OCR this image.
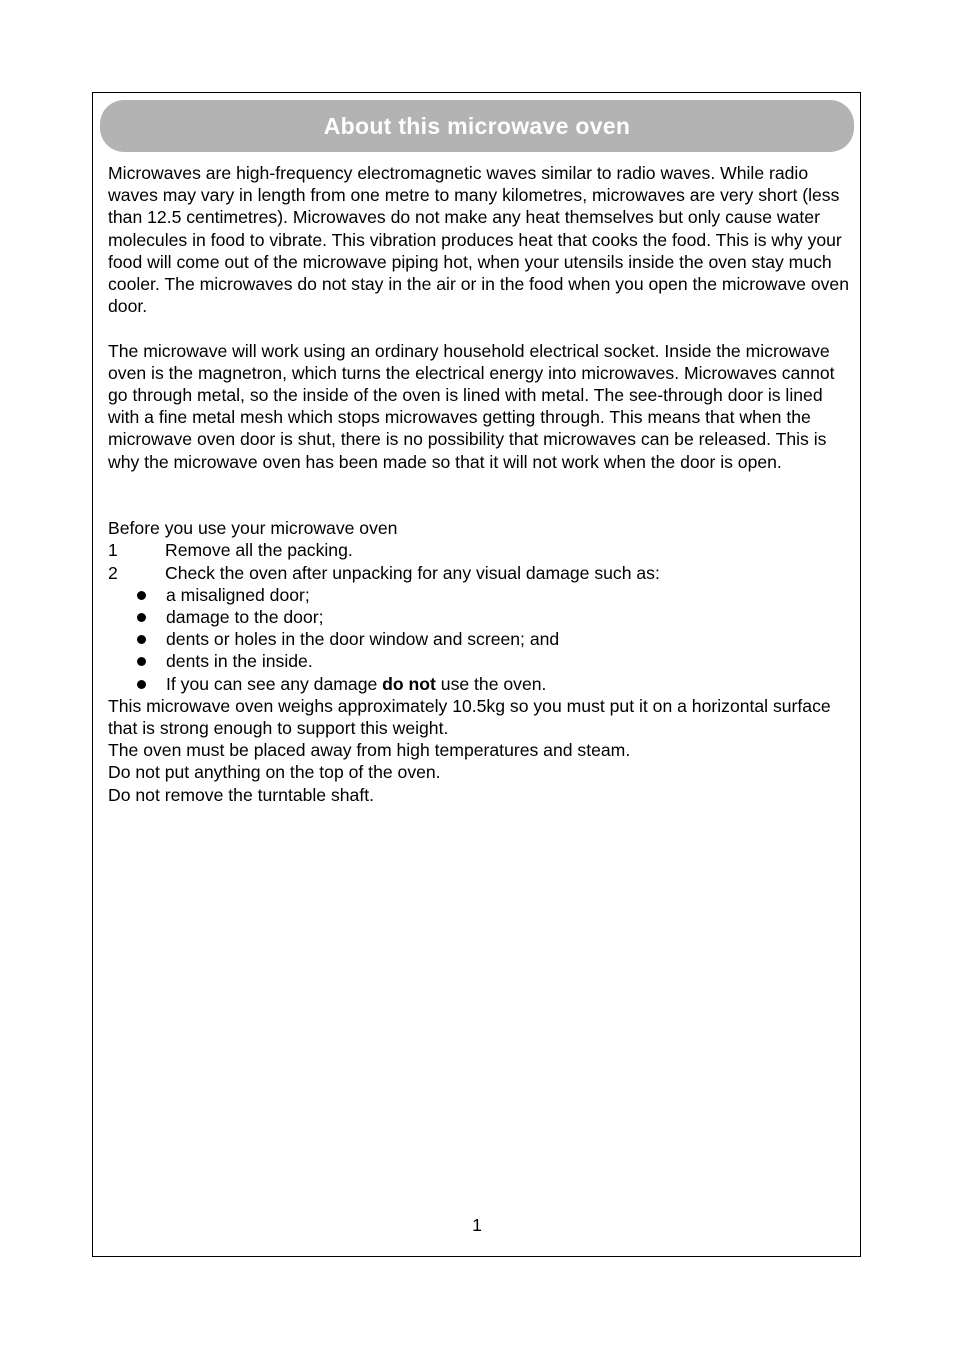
About this microwave oven

Microwaves are high-frequency electromagnetic waves similar to radio waves. While radio waves may vary in length from one metre to many kilometres, microwaves are very short (less than 12.5 centimetres). Microwaves do not make any heat themselves but only cause water molecules in food to vibrate. This vibration produces heat that cooks the food. This is why your food will come out of the microwave piping hot, when your utensils inside the oven stay much cooler. The microwaves do not stay in the air or in the food when you open the microwave oven door.

The microwave will work using an ordinary household electrical socket. Inside the microwave oven is the magnetron, which turns the electrical energy into microwaves. Microwaves cannot go through metal, so the inside of the oven is lined with metal. The see-through door is lined with a fine metal mesh which stops microwaves getting through. This means that when the microwave oven door is shut, there is no possibility that microwaves can be released. This is why the microwave oven has been made so that it will not work when the door is open.

Before you use your microwave oven

1	Remove all the packing.
2	Check the oven after unpacking for any visual damage such as:
a misaligned door;
damage to the door;
dents or holes in the door window and screen; and
dents in the inside.
If you can see any damage do not use the oven.

This microwave oven weighs approximately 10.5kg so you must put it on a horizontal surface that is strong enough to support this weight.

The oven must be placed away from high temperatures and steam.

Do not put anything on the top of the oven.

Do not remove the turntable shaft.

1
